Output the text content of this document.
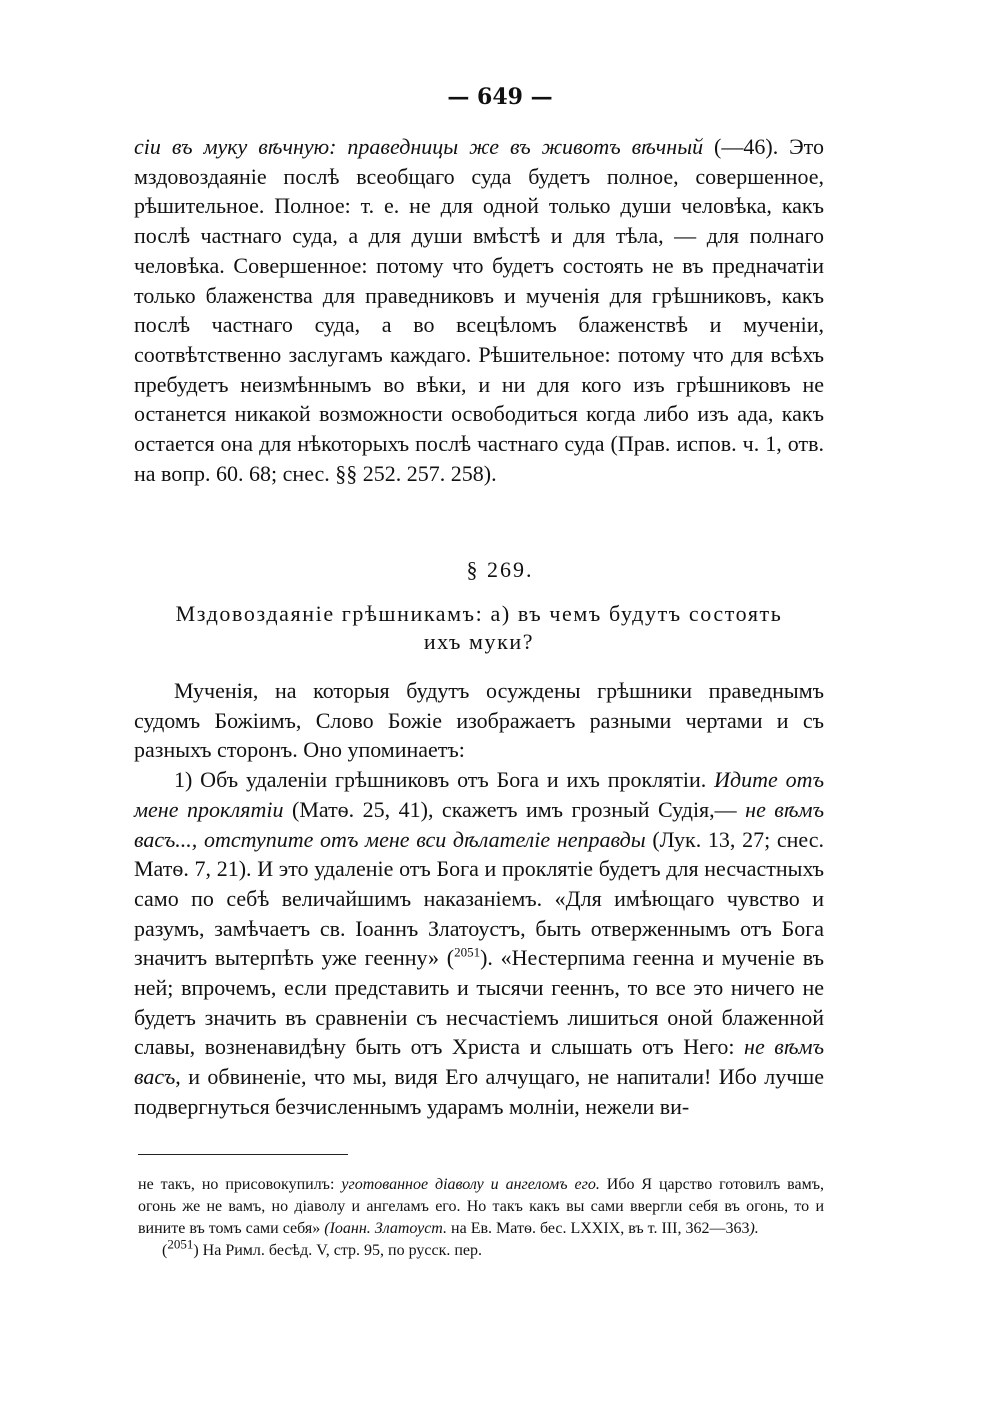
— 649 —

сіи въ муку вѣчную: праведницы же въ животъ вѣчный (—46). Это мздовоздаяніе послѣ всеобщаго суда будетъ полное, совершенное, рѣшительное. Полное: т. е. не для одной только души человѣка, какъ послѣ частнаго суда, а для души вмѣстѣ и для тѣла, — для полнаго человѣка. Совершенное: потому что будетъ состоять не въ предначатіи только блаженства для праведниковъ и мученія для грѣшниковъ, какъ послѣ частнаго суда, а во всецѣломъ блаженствѣ и мученіи, соотвѣтственно заслугамъ каждаго. Рѣшительное: потому что для всѣхъ пребудетъ неизмѣннымъ во вѣки, и ни для кого изъ грѣшниковъ не останется никакой возможности освободиться когда либо изъ ада, какъ остается она для нѣкоторыхъ послѣ частнаго суда (Прав. испов. ч. 1, отв. на вопр. 60. 68; снес. §§ 252. 257. 258).

§ 269.
Мздовоздаяніе грѣшникамъ: а) въ чемъ будутъ состоять
ихъ муки?

Мученія, на которыя будутъ осуждены грѣшники праведнымъ судомъ Божіимъ, Слово Божіе изображаетъ разными чертами и съ разныхъ сторонъ. Оно упоминаетъ:

1) Объ удаленіи грѣшниковъ отъ Бога и ихъ проклятіи. Идите отъ мене проклятіи (Матѳ. 25, 41), скажетъ имъ грозный Судія,— не вѣмъ васъ..., отступите отъ мене вси дѣлателіе неправды (Лук. 13, 27; снес. Матѳ. 7, 21). И это удаленіе отъ Бога и проклятіе будетъ для несчастныхъ само по себѣ величайшимъ наказаніемъ. «Для имѣющаго чувство и разумъ, замѣчаетъ св. Іоаннъ Златоустъ, быть отверженнымъ отъ Бога значитъ вытерпѣть уже геенну» ($^{2051}$). «Нестерпима геенна и мученіе въ ней; впрочемъ, если представить и тысячи гееннъ, то все это ничего не будетъ значить въ сравненіи съ несчастіемъ лишиться оной блаженной славы, возненавидѣну быть отъ Христа и слышать отъ Него: не вѣмъ васъ, и обвиненіе, что мы, видя Его алчущаго, не напитали! Ибо лучше подвергнуться безчисленнымъ ударамъ молніи, нежели ви-

не такъ, но присовокупилъ: уготованное діаволу и ангеломъ его. Ибо Я царство готовилъ вамъ, огонь же не вамъ, но діаволу и ангеламъ его. Но такъ какъ вы сами ввергли себя въ огонь, то и вините въ томъ сами себя» (Іоанн. Златоуст. на Ев. Матѳ. бес. LXXIX, въ т. III, 362—363).

($^{2051}$) На Римл. бесѣд. V, стр. 95, по русск. пер.
